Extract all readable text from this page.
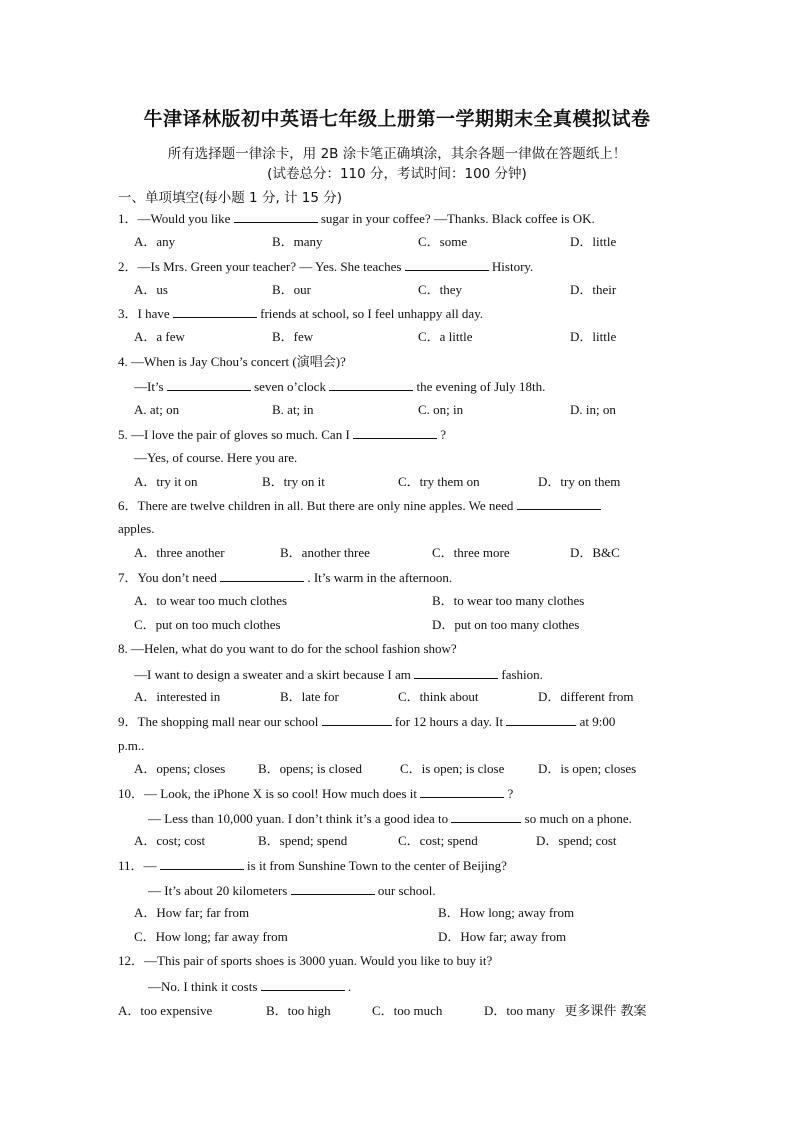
牛津译林版初中英语七年级上册第一学期期末全真模拟试卷
所有选择题一律涂卡，用 2B 涂卡笔正确填涂，其余各题一律做在答题纸上！
(试卷总分：110 分，考试时间：100 分钟)
一、单项填空(每小题 1 分, 计 15 分)
1．—Would you like	sugar in your coffee? —Thanks. Black coffee is OK.
A．any	B．many	C．some	D．little
2．—Is Mrs. Green your teacher? — Yes. She teaches	History.
A．us	B．our	C．they	D．their
3．I have	friends at school, so I feel unhappy all day.
A．a few	B．few	C．a little	D．little
4. —When is Jay Chou’s concert (演唱会)?
—It’s	seven o’clock	the evening of July 18th.
A. at; on	B. at; in	C. on; in	D. in; on
5. —I love the pair of gloves so much. Can I	?
—Yes, of course. Here you are.
A．try it on	B．try on it	C．try them on	D．try on them
6．There are twelve children in all. But there are only nine apples. We need
apples.
A．three another	B．another three	C．three more	D．B&C
7．You don’t need	. It’s warm in the afternoon.
A．to wear too much clothes	B．to wear too many clothes
C．put on too much clothes	D．put on too many clothes
8. —Helen, what do you want to do for the school fashion show?
—I want to design a sweater and a skirt because I am	fashion.
A．interested in	B．late for	C．think about	D．different from
9．The shopping mall near our school	for 12 hours a day. It	at 9:00
p.m..
A．opens; closes	B．opens; is closed	C．is open; is close	D．is open; closes
10．— Look, the iPhone X is so cool! How much does it	?
— Less than 10,000 yuan. I don’t think it’s a good idea to	so much on a phone.
A．cost; cost	B．spend; spend	C．cost; spend	D．spend; cost
11．—	is it from Sunshine Town to the center of Beijing?
— It’s about 20 kilometers	our school.
A．How far; far from	B．How long; away from
C．How long; far away from	D．How far; away from
12．—This pair of sports shoes is 3000 yuan. Would you like to buy it?
—No. I think it costs	.
A．too expensive	B．too high	C．too much	D．too many 更多课件 教案
